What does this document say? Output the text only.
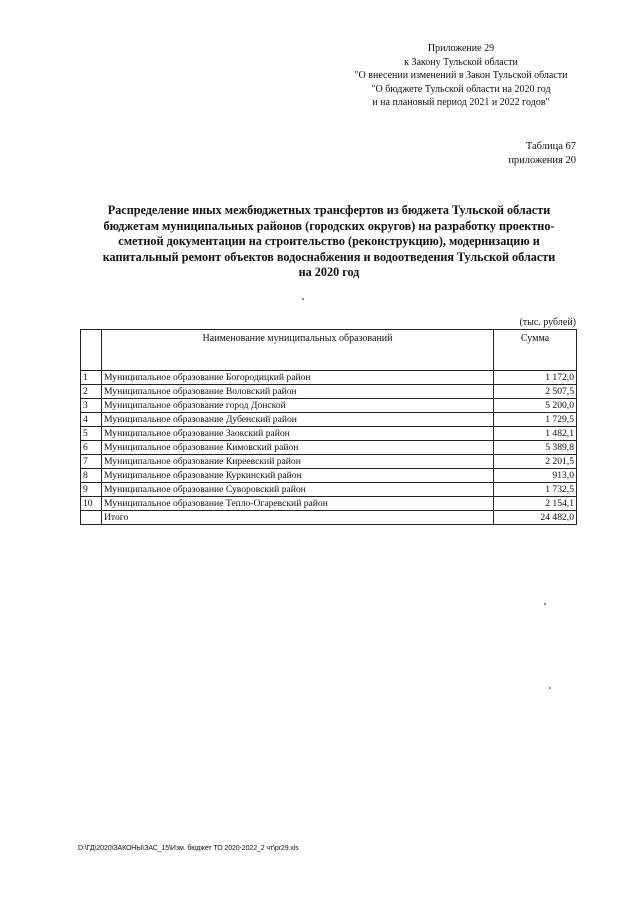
Приложение 29
к Закону Тульской области
"О внесении изменений в Закон Тульской области
"О бюджете Тульской области на 2020 год
и на плановый период 2021 и 2022 годов"
Таблица 67
приложения 20
Распределение иных межбюджетных трансфертов из бюджета Тульской области
бюджетам муниципальных районов (городских округов) на разработку проектно-
сметной документации на строительство (реконструкцию), модернизацию и
капитальный ремонт объектов водоснабжения и водоотведения Тульской области
на 2020 год
(тыс. рублей)
	Наименование муниципальных образований	Сумма
1	Муниципальное образование Богородицкий район	1 172,0
2	Муниципальное образование Воловский район	2 507,5
3	Муниципальное образование город Донской	5 200,0
4	Муниципальное образование Дубенский район	1 729,5
5	Муниципальное образование Заокский район	1 482,1
6	Муниципальное образование Кимовский район	5 389,8
7	Муниципальное образование Киреевский район	2 201,5
8	Муниципальное образование Куркинский район	913,0
9	Муниципальное образование Суворовский район	1 732,5
10	Муниципальное образование Тепло-Огаревский район	2 154,1
	Итого	24 482,0
D:\ГД\2020\ЗАКОНЫ\ЗАС_15\Изм. бюджет ТО 2020-2022_2 чт\pr29.xls
